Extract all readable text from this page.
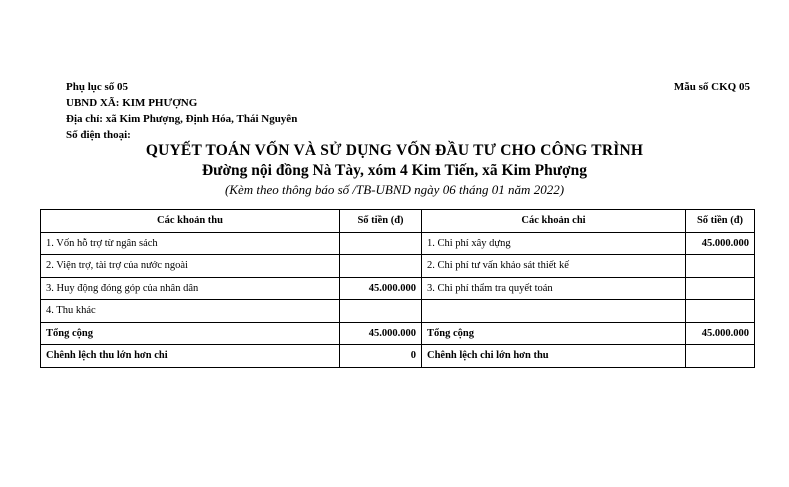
Phụ lục số 05
UBND XÃ: KIM PHƯỢNG
Địa chỉ: xã Kim Phượng, Định Hóa, Thái Nguyên
Số điện thoại:
Mẫu số CKQ 05
QUYẾT TOÁN VỐN VÀ SỬ DỤNG VỐN ĐẦU TƯ CHO CÔNG TRÌNH
Đường nội đồng Nà Tày, xóm 4 Kim Tiến, xã Kim Phượng
(Kèm theo thông báo số /TB-UBND ngày 06 tháng 01 năm 2022)
Các khoản thu	Số tiền (đ)	Các khoản chi	Số tiền (đ)
1. Vốn hỗ trợ từ ngân sách		1. Chi phí xây dựng	45.000.000
2. Viện trợ, tài trợ của nước ngoài		2. Chi phí tư vấn khảo sát thiết kế	
3. Huy động đóng góp của nhân dân	45.000.000	3. Chi phí thẩm tra quyết toán	
4. Thu khác			
Tổng cộng	45.000.000	Tổng cộng	45.000.000
Chênh lệch thu lớn hơn chi	0	Chênh lệch chi lớn hơn thu	
